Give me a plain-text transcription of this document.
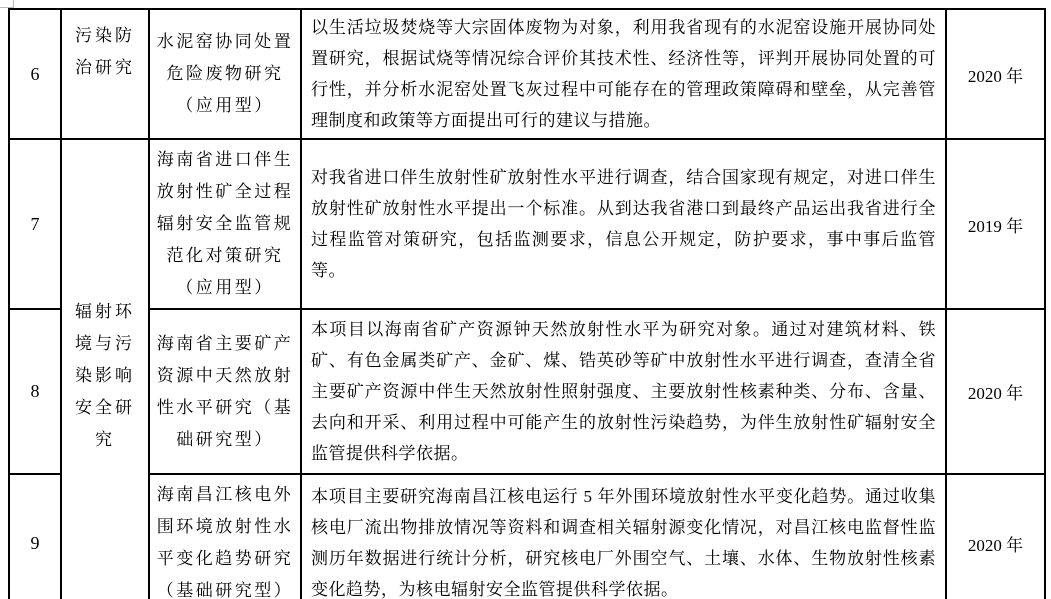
6	污染防治研究	水泥窑协同处置危险废物研究（应用型）	以生活垃圾焚烧等大宗固体废物为对象，利用我省现有的水泥窑设施开展协同处置研究，根据试烧等情况综合评价其技术性、经济性等，评判开展协同处置的可行性，并分析水泥窑处置飞灰过程中可能存在的管理政策障碍和壁垒，从完善管理制度和政策等方面提出可行的建议与措施。	2020 年
7	辐射环境与污染影响安全研究	海南省进口伴生放射性矿全过程辐射安全监管规范化对策研究（应用型）	对我省进口伴生放射性矿放射性水平进行调查，结合国家现有规定，对进口伴生放射性矿放射性水平提出一个标准。从到达我省港口到最终产品运出我省进行全过程监管对策研究，包括监测要求，信息公开规定，防护要求，事中事后监管等。	2019 年
8		海南省主要矿产资源中天然放射性水平研究（基础研究型）	本项目以海南省矿产资源钟天然放射性水平为研究对象。通过对建筑材料、铁矿、有色金属类矿产、金矿、煤、锆英砂等矿中放射性水平进行调查，查清全省主要矿产资源中伴生天然放射性照射强度、主要放射性核素种类、分布、含量、去向和开采、利用过程中可能产生的放射性污染趋势，为伴生放射性矿辐射安全监管提供科学依据。	2020 年
9		海南昌江核电外围环境放射性水平变化趋势研究（基础研究型）	本项目主要研究海南昌江核电运行 5 年外围环境放射性水平变化趋势。通过收集核电厂流出物排放情况等资料和调查相关辐射源变化情况，对昌江核电监督性监测历年数据进行统计分析，研究核电厂外围空气、土壤、水体、生物放射性核素变化趋势，为核电辐射安全监管提供科学依据。	2020 年
